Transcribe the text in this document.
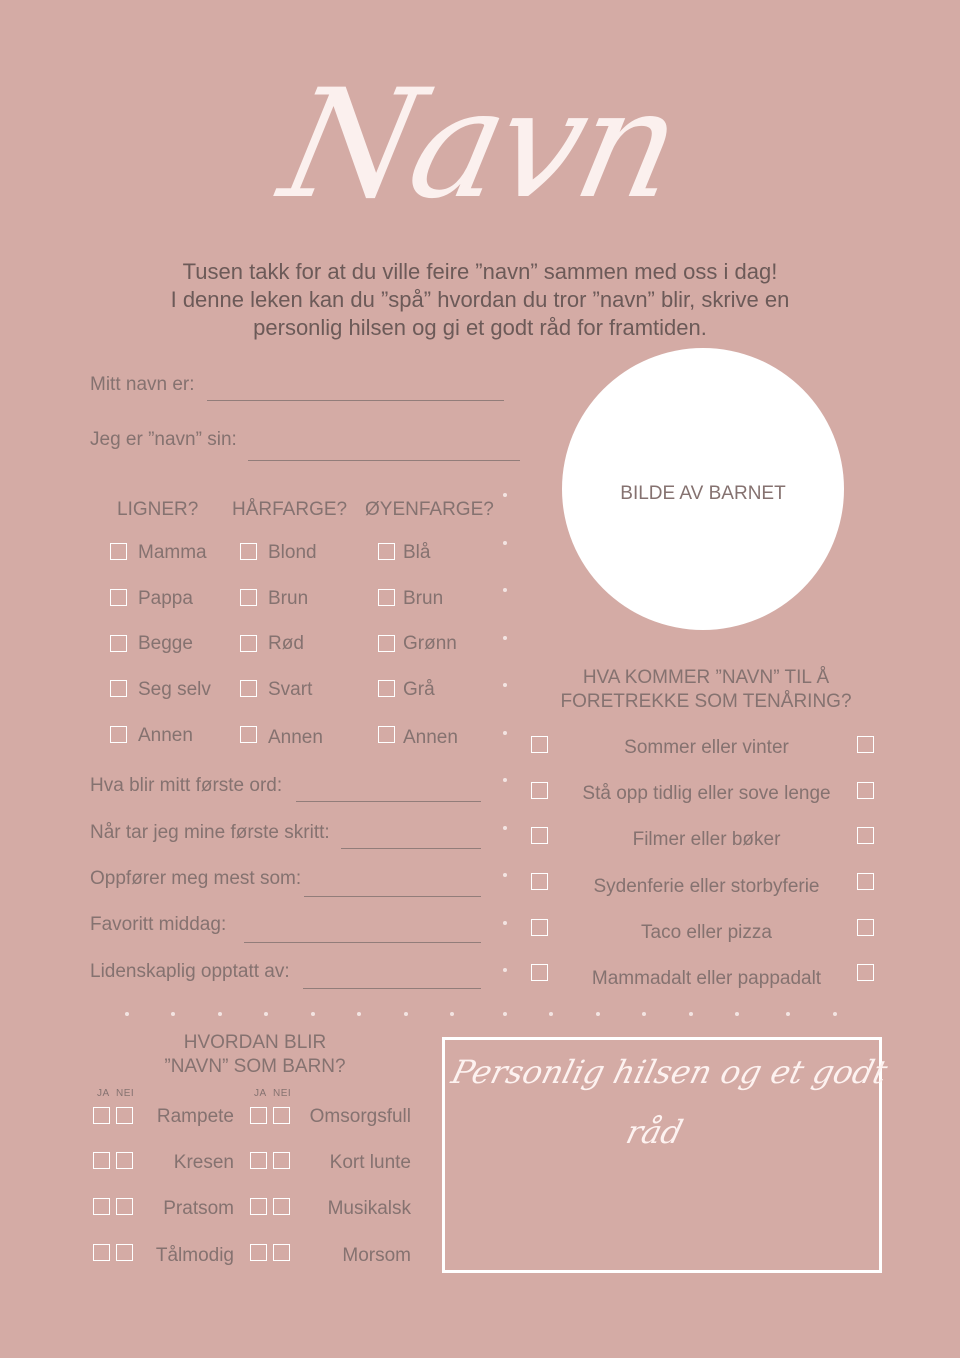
Navn
Tusen takk for at du ville feire ”navn” sammen med oss i dag!
I denne leken kan du ”spå” hvordan du tror ”navn” blir, skrive en
personlig hilsen og gi et godt råd for framtiden.
Mitt navn er:
Jeg er ”navn” sin:
BILDE AV BARNET
LIGNER? HÅRFARGE? ØYENFARGE?
Mamma	Blond	Blå
Pappa	Brun	Brun
Begge	Rød	Grønn
Seg selv	Svart	Grå
Annen	Annen	Annen
Hva blir mitt første ord:
Når tar jeg mine første skritt:
Oppfører meg mest som:
Favoritt middag:
Lidenskaplig opptatt av:
HVA KOMMER ”NAVN” TIL Å
FORETREKKE SOM TENÅRING?
Sommer eller vinter
Stå opp tidlig eller sove lenge
Filmer eller bøker
Sydenferie eller storbyferie
Taco eller pizza
Mammadalt eller pappadalt
HVORDAN BLIR
”NAVN” SOM BARN?
JA NEI	JA NEI
Rampete	Omsorgsfull
Kresen	Kort lunte
Pratsom	Musikalsk
Tålmodig	Morsom
Personlig hilsen og et godt råd
